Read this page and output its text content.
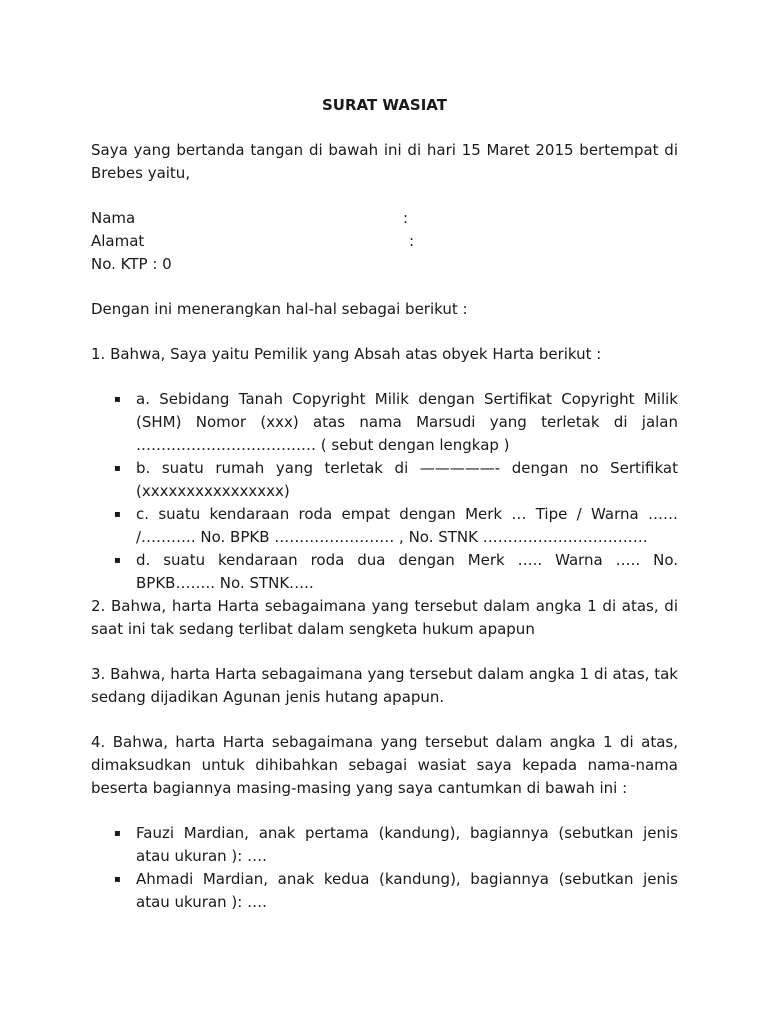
SURAT WASIAT

Saya yang bertanda tangan di bawah ini di hari 15 Maret 2015 bertempat di Brebes yaitu,

Nama	:
Alamat	:
No. KTP : 0

Dengan ini menerangkan hal-hal sebagai berikut :

1. Bahwa, Saya yaitu Pemilik yang Absah atas obyek Harta berikut :

▪ a. Sebidang Tanah Copyright Milik dengan Sertifikat Copyright Milik (SHM) Nomor (xxx) atas nama Marsudi yang terletak di jalan ……………………………… ( sebut dengan lengkap )
▪ b. suatu rumah yang terletak di —————- dengan no Sertifikat (xxxxxxxxxxxxxxxx)
▪ c. suatu kendaraan roda empat dengan Merk … Tipe / Warna …… /……….. No. BPKB …………………… , No. STNK ……………………………
▪ d. suatu kendaraan roda dua dengan Merk ….. Warna ….. No. BPKB…….. No. STNK…..

2. Bahwa, harta Harta sebagaimana yang tersebut dalam angka 1 di atas, di saat ini tak sedang terlibat dalam sengketa hukum apapun

3. Bahwa, harta Harta sebagaimana yang tersebut dalam angka 1 di atas, tak sedang dijadikan Agunan jenis hutang apapun.

4. Bahwa, harta Harta sebagaimana yang tersebut dalam angka 1 di atas, dimaksudkan untuk dihibahkan sebagai wasiat saya kepada nama-nama beserta bagiannya masing-masing yang saya cantumkan di bawah ini :

▪ Fauzi Mardian, anak pertama (kandung), bagiannya (sebutkan jenis atau ukuran ): ….
▪ Ahmadi Mardian, anak kedua (kandung), bagiannya (sebutkan jenis atau ukuran ): ….
